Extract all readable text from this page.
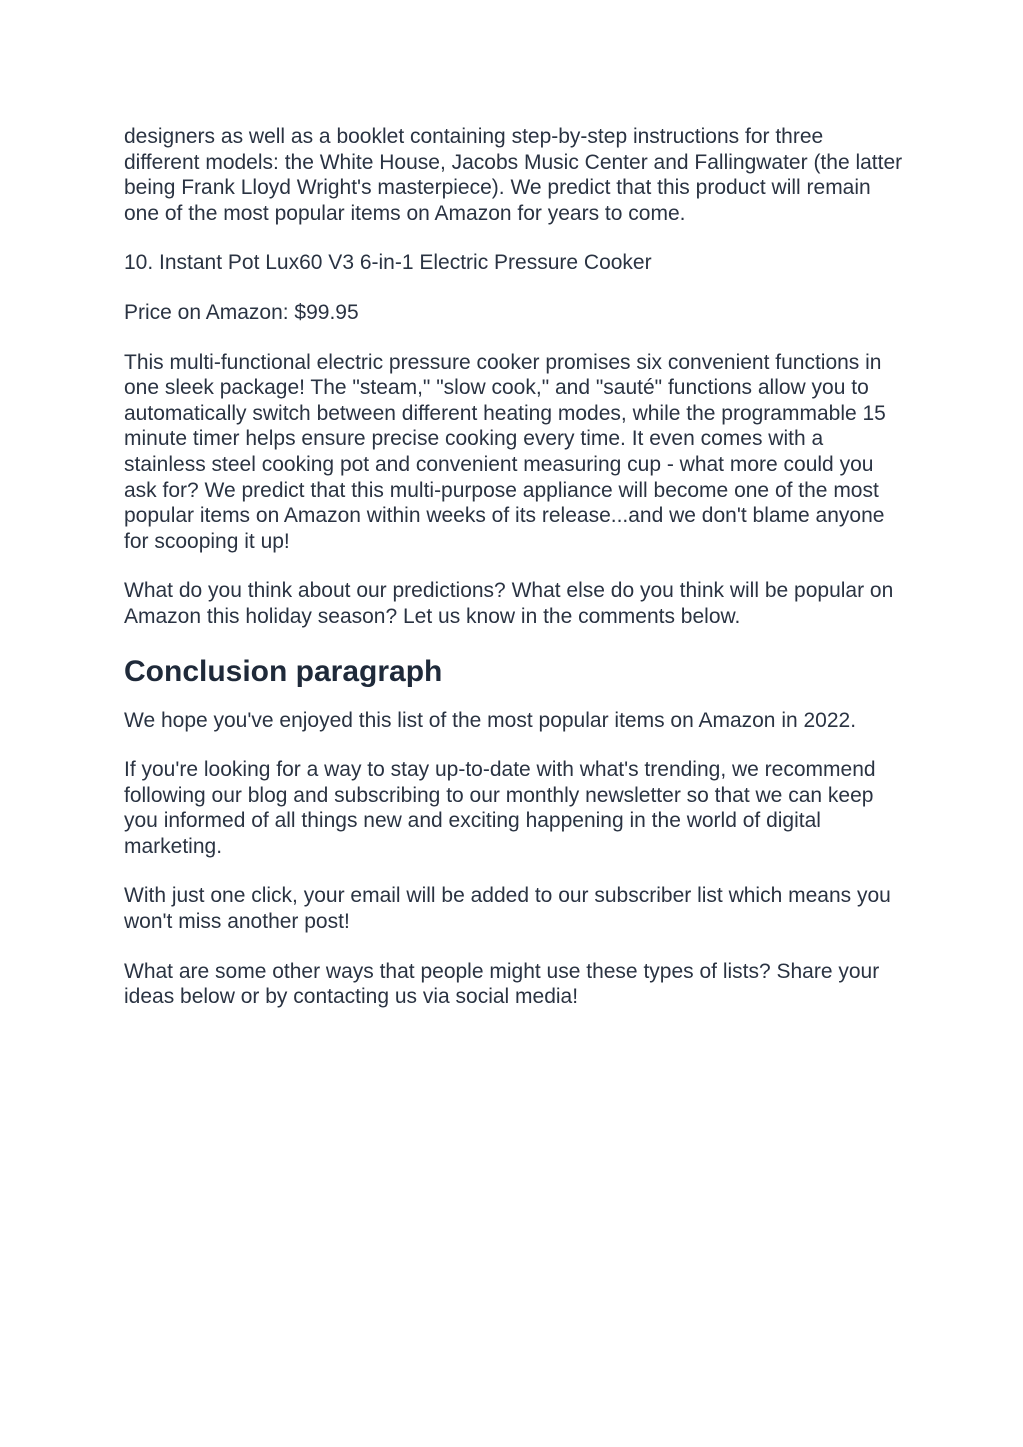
designers as well as a booklet containing step-by-step instructions for three different models: the White House, Jacobs Music Center and Fallingwater (the latter being Frank Lloyd Wright's masterpiece). We predict that this product will remain one of the most popular items on Amazon for years to come.

10. Instant Pot Lux60 V3 6-in-1 Electric Pressure Cooker

Price on Amazon: $99.95

This multi-functional electric pressure cooker promises six convenient functions in one sleek package! The "steam," "slow cook," and "sauté" functions allow you to automatically switch between different heating modes, while the programmable 15 minute timer helps ensure precise cooking every time. It even comes with a stainless steel cooking pot and convenient measuring cup - what more could you ask for? We predict that this multi-purpose appliance will become one of the most popular items on Amazon within weeks of its release...and we don't blame anyone for scooping it up!

What do you think about our predictions? What else do you think will be popular on Amazon this holiday season? Let us know in the comments below.

Conclusion paragraph

We hope you've enjoyed this list of the most popular items on Amazon in 2022.

If you're looking for a way to stay up-to-date with what's trending, we recommend following our blog and subscribing to our monthly newsletter so that we can keep you informed of all things new and exciting happening in the world of digital marketing.

With just one click, your email will be added to our subscriber list which means you won't miss another post!

What are some other ways that people might use these types of lists? Share your ideas below or by contacting us via social media!
